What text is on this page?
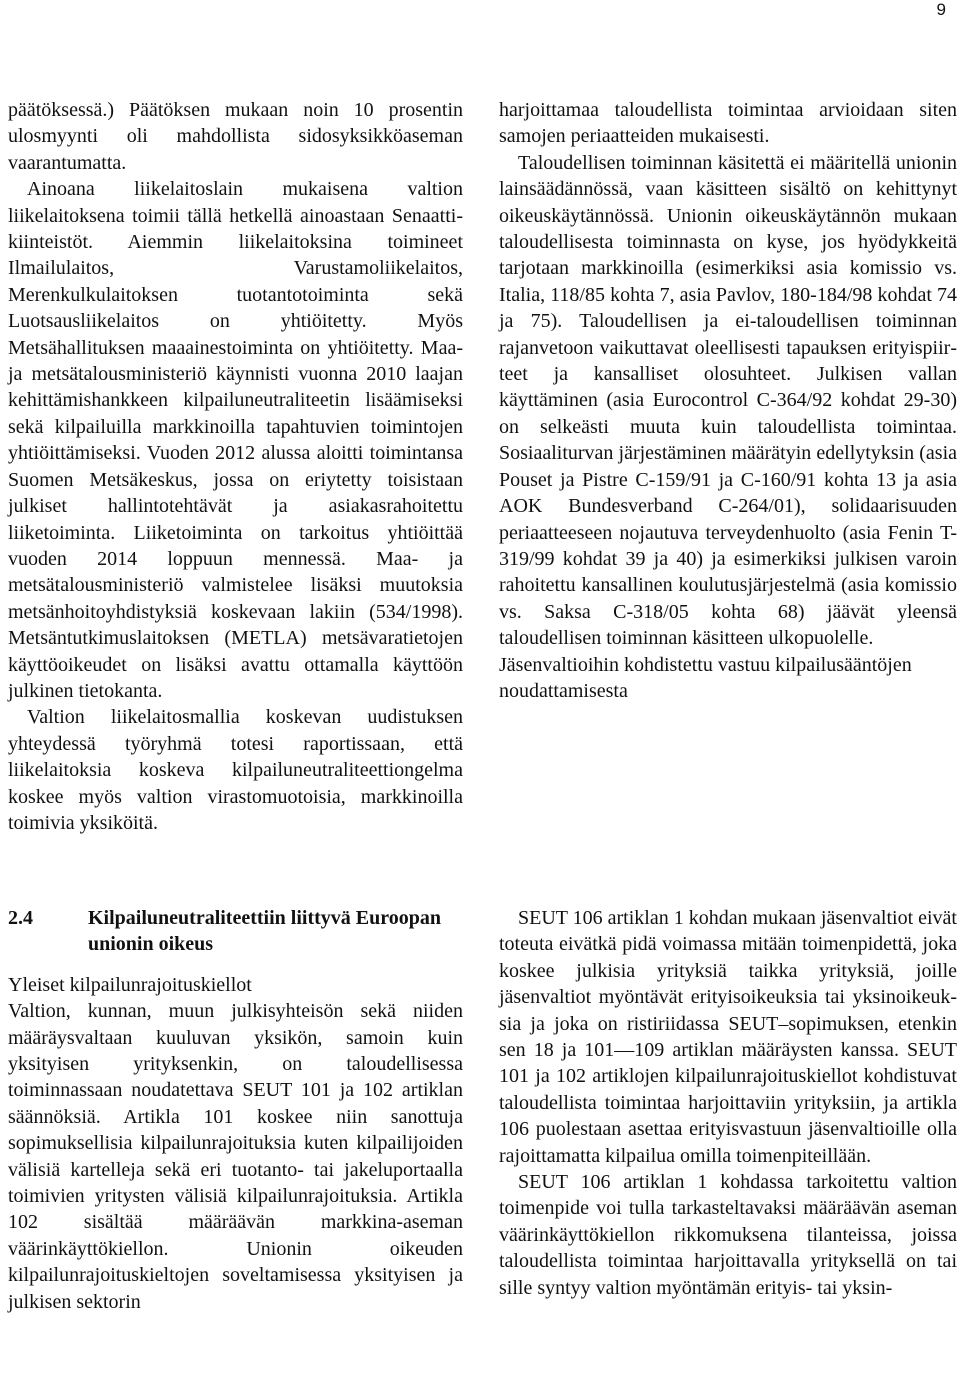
9

päätöksessä.) Päätöksen mukaan noin 10 prosentin ulosmyynti oli mahdollista sidosyksikköaseman vaarantumatta.

Ainoana liikelaitoslain mukaisena valtion liikelaitoksena toimii tällä hetkellä ainoastaan Senaatti-kiinteistöt. Aiemmin liikelaitoksina toimineet Ilmailulaitos, Varustamoliikelaitos, Merenkulkulaitoksen tuotantotoiminta sekä Luotsausliikelaitos on yhtiöitetty. Myös Metsähallituksen maaainestoiminta on yhtiöitetty. Maa- ja metsätalousministeriö käynnisti vuonna 2010 laajan kehittämishankkeen kilpailuneutraliteetin lisäämiseksi sekä kilpailuilla markkinoilla tapahtuvien toimintojen yhtiöittämiseksi. Vuoden 2012 alussa aloitti toimintansa Suomen Metsäkeskus, jossa on eriytetty toisistaan julkiset hallintotehtävät ja asiakasrahoitettu liiketoiminta. Liiketoiminta on tarkoitus yhtiöittää vuoden 2014 loppuun mennessä. Maa- ja metsätalousministeriö valmistelee lisäksi muutoksia metsänhoitoyhdistyksiä koskevaan lakiin (534/1998). Metsäntutkimuslaitoksen (METLA) metsävaratietojen käyttöoikeudet on lisäksi avattu ottamalla käyttöön julkinen tietokanta.

Valtion liikelaitosmallia koskevan uudistuksen yhteydessä työryhmä totesi raportissaan, että liikelaitoksia koskeva kilpailuneutraliteettiongelma koskee myös valtion virastomuotoisia, markkinoilla toimivia yksiköitä.

harjoittamaa taloudellista toimintaa arvioidaan siten samojen periaatteiden mukaisesti.

Taloudellisen toiminnan käsitettä ei määritellä unionin lainsäädännössä, vaan käsitteen sisältö on kehittynyt oikeuskäytännössä. Unionin oikeuskäytännön mukaan taloudellisesta toiminnasta on kyse, jos hyödykkeitä tarjotaan markkinoilla (esimerkiksi asia komissio vs. Italia, 118/85 kohta 7, asia Pavlov, 180-184/98 kohdat 74 ja 75). Taloudellisen ja ei-taloudellisen toiminnan rajanvetoon vaikuttavat oleellisesti tapauksen erityispiirteet ja kansalliset olosuhteet. Julkisen vallan käyttäminen (asia Eurocontrol C-364/92 kohdat 29-30) on selkeästi muuta kuin taloudellista toimintaa. Sosiaaliturvan järjestäminen määrätyin edellytyksin (asia Pouset ja Pistre C-159/91 ja C-160/91 kohta 13 ja asia AOK Bundesverband C-264/01), solidaarisuuden periaatteeseen nojautuva terveydenhuolto (asia Fenin T-319/99 kohdat 39 ja 40) ja esimerkiksi julkisen varoin rahoitettu kansallinen koulutusjärjestelmä (asia komissio vs. Saksa C-318/05 kohta 68) jäävät yleensä taloudellisen toiminnan käsitteen ulkopuolelle.

Jäsenvaltioihin kohdistettu vastuu kilpailusääntöjen noudattamisesta

2.4	Kilpailuneutraliteettiin liittyvä Euroopan unionin oikeus

Yleiset kilpailunrajoituskiellot

Valtion, kunnan, muun julkisyhteisön sekä niiden määräysvaltaan kuuluvan yksikön, samoin kuin yksityisen yrityksenkin, on taloudellisessa toiminnassaan noudatettava SEUT 101 ja 102 artiklan säännöksiä. Artikla 101 koskee niin sanottuja sopimuksellisia kilpailunrajoituksia kuten kilpailijoiden välisiä kartelleja sekä eri tuotanto- tai jakeluportaalla toimivien yritysten välisiä kilpailunrajoituksia. Artikla 102 sisältää määräävän markkina-aseman väärinkäyttökiellon. Unionin oikeuden kilpailunrajoituskieltojen soveltamisessa yksityisen ja julkisen sektorin

SEUT 106 artiklan 1 kohdan mukaan jäsenvaltiot eivät toteuta eivätkä pidä voimassa mitään toimenpidettä, joka koskee julkisia yrityksiä taikka yrityksiä, joille jäsenvaltiot myöntävät erityisoikeuksia tai yksinoikeuksia ja joka on ristiriidassa SEUT–sopimuksen, etenkin sen 18 ja 101—109 artiklan määräysten kanssa. SEUT 101 ja 102 artiklojen kilpailunrajoituskiellot kohdistuvat taloudellista toimintaa harjoittaviin yrityksiin, ja artikla 106 puolestaan asettaa erityisvastuun jäsenvaltioille olla rajoittamatta kilpailua omilla toimenpiteillään.

SEUT 106 artiklan 1 kohdassa tarkoitettu valtion toimenpide voi tulla tarkasteltavaksi määräävän aseman väärinkäyttökiellon rikkomuksena tilanteissa, joissa taloudellista toimintaa harjoittavalla yrityksellä on tai sille syntyy valtion myöntämän erityis- tai yksin-
